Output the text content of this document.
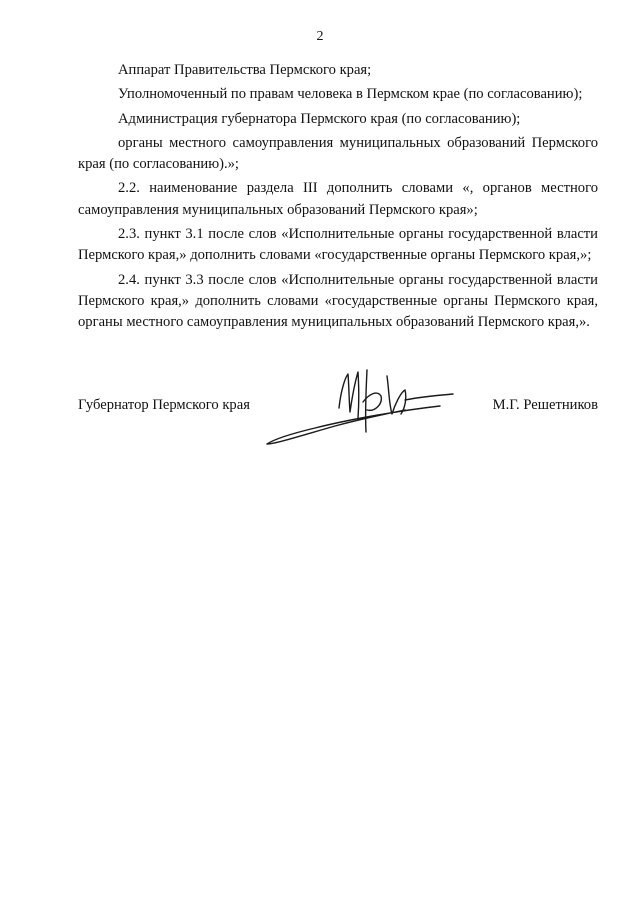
2

Аппарат Правительства Пермского края;

Уполномоченный по правам человека в Пермском крае (по согласованию);

Администрация губернатора Пермского края (по согласованию);

органы местного самоуправления муниципальных образований Пермского края (по согласованию).»;

2.2. наименование раздела III дополнить словами «, органов местного самоуправления муниципальных образований Пермского края»;

2.3. пункт 3.1 после слов «Исполнительные органы государственной власти Пермского края,» дополнить словами «государственные органы Пермского края,»;

2.4. пункт 3.3 после слов «Исполнительные органы государственной власти Пермского края,» дополнить словами «государственные органы Пермского края, органы местного самоуправления муниципальных образований Пермского края,».

Губернатор Пермского края	М.Г. Решетников
